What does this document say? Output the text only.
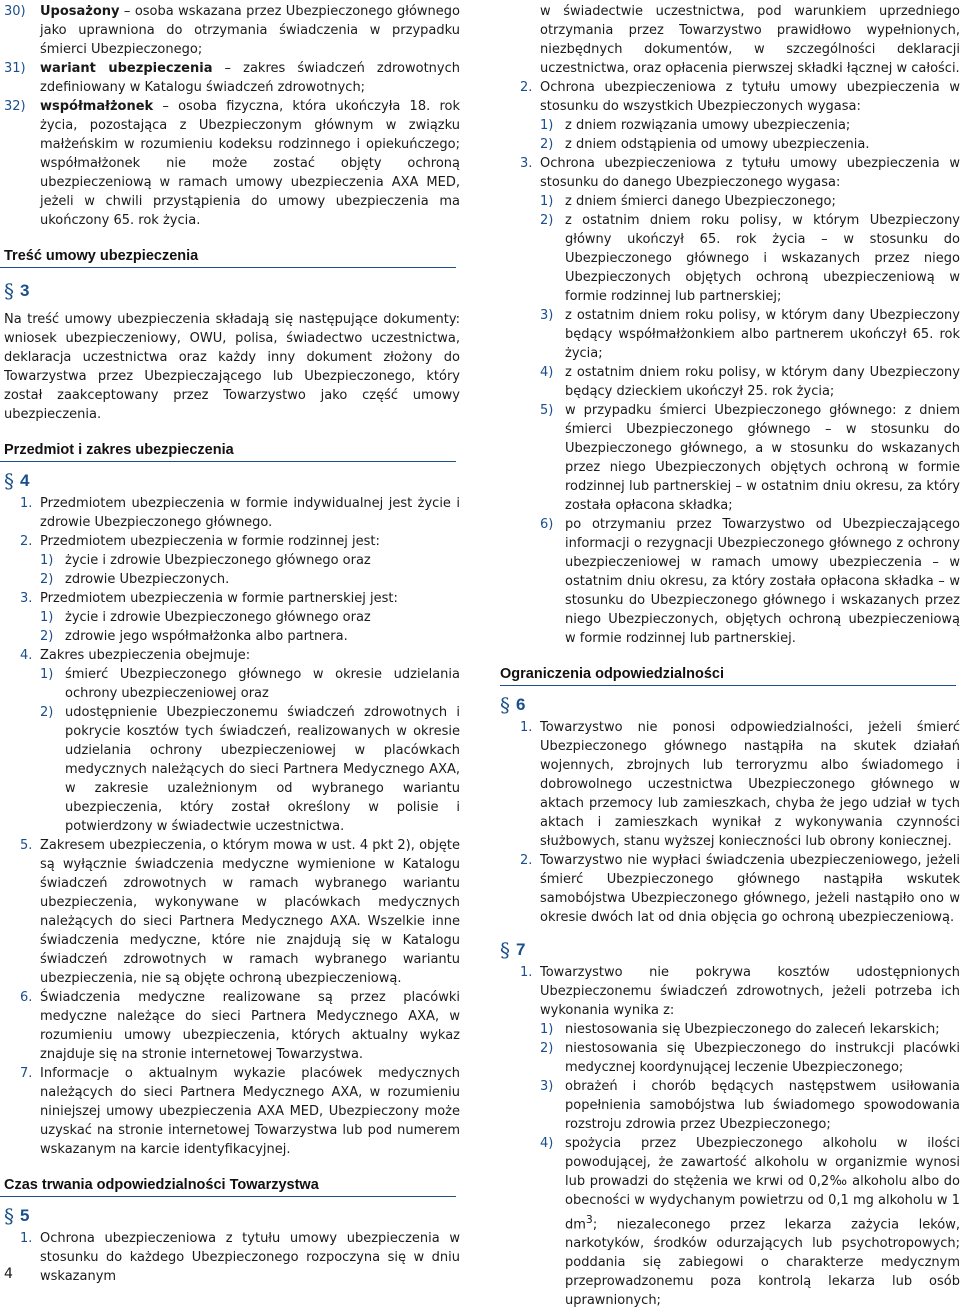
30) Uposażony – osoba wskazana przez Ubezpieczonego głównego jako uprawniona do otrzymania świadczenia w przypadku śmierci Ubezpieczonego;
31) wariant ubezpieczenia – zakres świadczeń zdrowotnych zdefiniowany w Katalogu świadczeń zdrowotnych;
32) współmałżonek – osoba fizyczna, która ukończyła 18. rok życia, pozostająca z Ubezpieczonym głównym w związku małżeńskim w rozumieniu kodeksu rodzinnego i opiekuńczego; współmałżonek nie może zostać objęty ochroną ubezpieczeniową w ramach umowy ubezpieczenia AXA MED, jeżeli w chwili przystąpienia do umowy ubezpieczenia ma ukończony 65. rok życia.
Treść umowy ubezpieczenia
§ 3
Na treść umowy ubezpieczenia składają się następujące dokumenty: wniosek ubezpieczeniowy, OWU, polisa, świadectwo uczestnictwa, deklaracja uczestnictwa oraz każdy inny dokument złożony do Towarzystwa przez Ubezpieczającego lub Ubezpieczonego, który został zaakceptowany przez Towarzystwo jako część umowy ubezpieczenia.
Przedmiot i zakres ubezpieczenia
§ 4
1. Przedmiotem ubezpieczenia w formie indywidualnej jest życie i zdrowie Ubezpieczonego głównego.
2. Przedmiotem ubezpieczenia w formie rodzinnej jest:
1) życie i zdrowie Ubezpieczonego głównego oraz
2) zdrowie Ubezpieczonych.
3. Przedmiotem ubezpieczenia w formie partnerskiej jest:
1) życie i zdrowie Ubezpieczonego głównego oraz
2) zdrowie jego współmałżonka albo partnera.
4. Zakres ubezpieczenia obejmuje:
1) śmierć Ubezpieczonego głównego w okresie udzielania ochrony ubezpieczeniowej oraz
2) udostępnienie Ubezpieczonemu świadczeń zdrowotnych i pokrycie kosztów tych świadczeń, realizowanych w okresie udzielania ochrony ubezpieczeniowej w placówkach medycznych należących do sieci Partnera Medycznego AXA, w zakresie uzależnionym od wybranego wariantu ubezpieczenia, który został określony w polisie i potwierdzony w świadectwie uczestnictwa.
5. Zakresem ubezpieczenia, o którym mowa w ust. 4 pkt 2), objęte są wyłącznie świadczenia medyczne wymienione w Katalogu świadczeń zdrowotnych w ramach wybranego wariantu ubezpieczenia, wykonywane w placówkach medycznych należących do sieci Partnera Medycznego AXA. Wszelkie inne świadczenia medyczne, które nie znajdują się w Katalogu świadczeń zdrowotnych w ramach wybranego wariantu ubezpieczenia, nie są objęte ochroną ubezpieczeniową.
6. Świadczenia medyczne realizowane są przez placówki medyczne należące do sieci Partnera Medycznego AXA, w rozumieniu umowy ubezpieczenia, których aktualny wykaz znajduje się na stronie internetowej Towarzystwa.
7. Informacje o aktualnym wykazie placówek medycznych należących do sieci Partnera Medycznego AXA, w rozumieniu niniejszej umowy ubezpieczenia AXA MED, Ubezpieczony może uzyskać na stronie internetowej Towarzystwa lub pod numerem wskazanym na karcie identyfikacyjnej.
Czas trwania odpowiedzialności Towarzystwa
§ 5
1. Ochrona ubezpieczeniowa z tytułu umowy ubezpieczenia w stosunku do każdego Ubezpieczonego rozpoczyna się w dniu wskazanym
w świadectwie uczestnictwa, pod warunkiem uprzedniego otrzymania przez Towarzystwo prawidłowo wypełnionych, niezbędnych dokumentów, w szczególności deklaracji uczestnictwa, oraz opłacenia pierwszej składki łącznej w całości.
2. Ochrona ubezpieczeniowa z tytułu umowy ubezpieczenia w stosunku do wszystkich Ubezpieczonych wygasa:
1) z dniem rozwiązania umowy ubezpieczenia;
2) z dniem odstąpienia od umowy ubezpieczenia.
3. Ochrona ubezpieczeniowa z tytułu umowy ubezpieczenia w stosunku do danego Ubezpieczonego wygasa:
1) z dniem śmierci danego Ubezpieczonego;
2) z ostatnim dniem roku polisy, w którym Ubezpieczony główny ukończył 65. rok życia – w stosunku do Ubezpieczonego głównego i wskazanych przez niego Ubezpieczonych objętych ochroną ubezpieczeniową w formie rodzinnej lub partnerskiej;
3) z ostatnim dniem roku polisy, w którym dany Ubezpieczony będący współmałżonkiem albo partnerem ukończył 65. rok życia;
4) z ostatnim dniem roku polisy, w którym dany Ubezpieczony będący dzieckiem ukończył 25. rok życia;
5) w przypadku śmierci Ubezpieczonego głównego: z dniem śmierci Ubezpieczonego głównego – w stosunku do Ubezpieczonego głównego, a w stosunku do wskazanych przez niego Ubezpieczonych objętych ochroną w formie rodzinnej lub partnerskiej – w ostatnim dniu okresu, za który została opłacona składka;
6) po otrzymaniu przez Towarzystwo od Ubezpieczającego informacji o rezygnacji Ubezpieczonego głównego z ochrony ubezpieczeniowej w ramach umowy ubezpieczenia – w ostatnim dniu okresu, za który została opłacona składka – w stosunku do Ubezpieczonego głównego i wskazanych przez niego Ubezpieczonych, objętych ochroną ubezpieczeniową w formie rodzinnej lub partnerskiej.
Ograniczenia odpowiedzialności
§ 6
1. Towarzystwo nie ponosi odpowiedzialności, jeżeli śmierć Ubezpieczonego głównego nastąpiła na skutek działań wojennych, zbrojnych lub terroryzmu albo świadomego i dobrowolnego uczestnictwa Ubezpieczonego głównego w aktach przemocy lub zamieszkach, chyba że jego udział w tych aktach i zamieszkach wynikał z wykonywania czynności służbowych, stanu wyższej konieczności lub obrony koniecznej.
2. Towarzystwo nie wypłaci świadczenia ubezpieczeniowego, jeżeli śmierć Ubezpieczonego głównego nastąpiła wskutek samobójstwa Ubezpieczonego głównego, jeżeli nastąpiło ono w okresie dwóch lat od dnia objęcia go ochroną ubezpieczeniową.
§ 7
1. Towarzystwo nie pokrywa kosztów udostępnionych Ubezpieczonemu świadczeń zdrowotnych, jeżeli potrzeba ich wykonania wynika z:
1) niestosowania się Ubezpieczonego do zaleceń lekarskich;
2) niestosowania się Ubezpieczonego do instrukcji placówki medycznej koordynującej leczenie Ubezpieczonego;
3) obrażeń i chorób będących następstwem usiłowania popełnienia samobójstwa lub świadomego spowodowania rozstroju zdrowia przez Ubezpieczonego;
4) spożycia przez Ubezpieczonego alkoholu w ilości powodującej, że zawartość alkoholu w organizmie wynosi lub prowadzi do stężenia we krwi od 0,2‰ alkoholu albo do obecności w wydychanym powietrzu od 0,1 mg alkoholu w 1 $dm^3$; niezaleconego przez lekarza zażycia leków, narkotyków, środków odurzających lub psychotropowych; poddania się zabiegowi o charakterze medycznym przeprowadzonemu poza kontrolą lekarza lub osób uprawnionych;
4
